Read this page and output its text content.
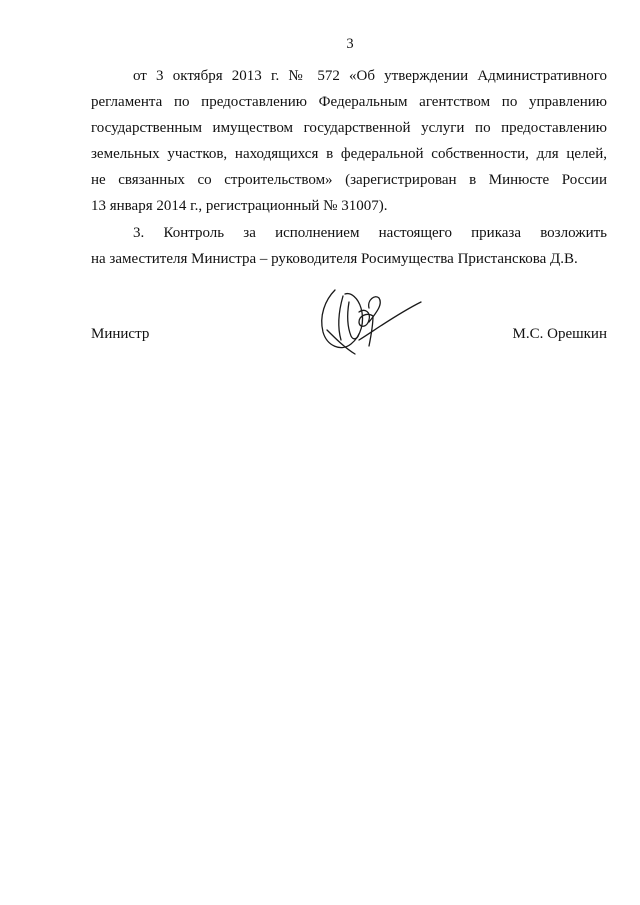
3
от 3 октября 2013 г. № 572 «Об утверждении Административного
регламента по предоставлению Федеральным агентством по управлению
государственным имуществом государственной услуги по предоставлению
земельных участков, находящихся в федеральной собственности, для целей,
не связанных со строительством» (зарегистрирован в Минюсте России
13 января 2014 г., регистрационный № 31007).
3. Контроль за исполнением настоящего приказа возложить
на заместителя Министра – руководителя Росимущества Пристанскова Д.В.
Министр	М.С. Орешкин
